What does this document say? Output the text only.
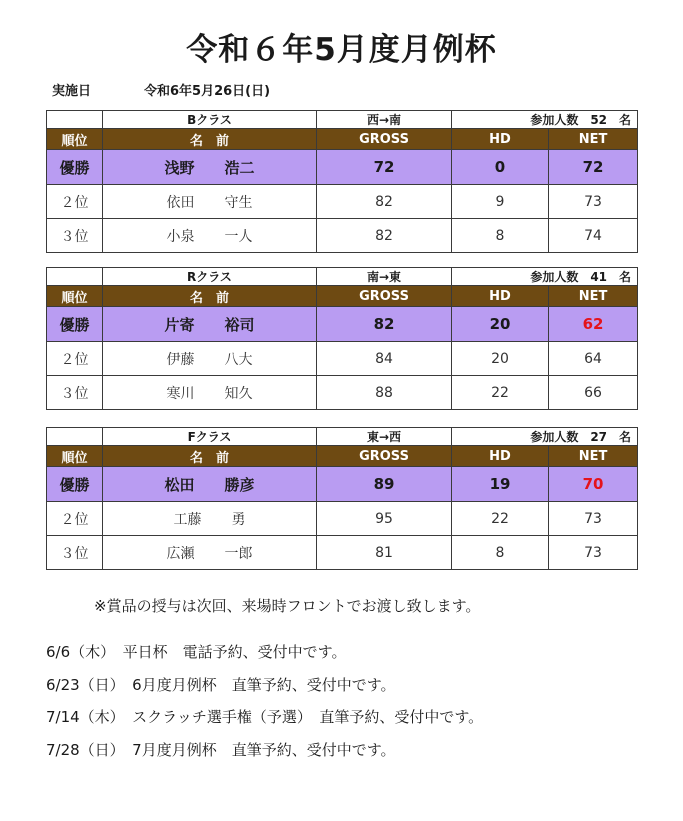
令和６年5月度月例杯
実施日	令和6年5月26日(日)
	Bクラス	西→南	参加人数　52　名	
順位	名　前	GROSS	HD	NET
優勝	浅野 浩二	72	0	72
２位	依田 守生	82	9	73
３位	小泉 一人	82	8	74
	Rクラス	南→東	参加人数　41　名	
順位	名　前	GROSS	HD	NET
優勝	片寄 裕司	82	20	62
２位	伊藤 八大	84	20	64
３位	寒川 知久	88	22	66
	Fクラス	東→西	参加人数　27　名	
順位	名　前	GROSS	HD	NET
優勝	松田 勝彦	89	19	70
２位	工藤 勇	95	22	73
３位	広瀬 一郎	81	8	73
※賞品の授与は次回、来場時フロントでお渡し致します。
6/6（木）　平日杯　電話予約、受付中です。
6/23（日）　6月度月例杯　直筆予約、受付中です。
7/14（木）　スクラッチ選手権（予選）　直筆予約、受付中です。
7/28（日）　7月度月例杯　直筆予約、受付中です。
